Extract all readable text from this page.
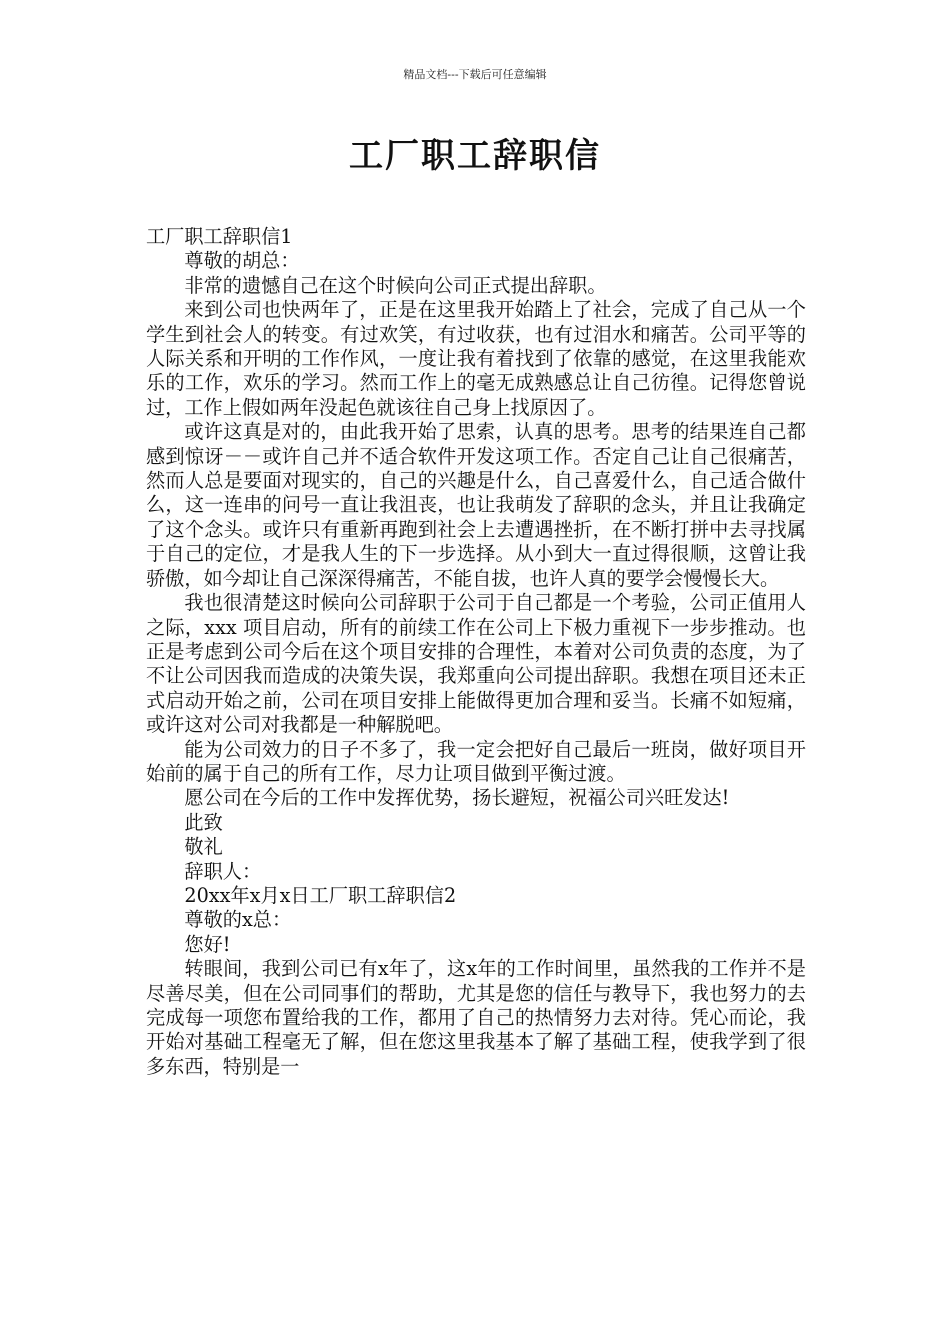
精品文档---下载后可任意编辑
工厂职工辞职信

工厂职工辞职信1

尊敬的胡总：

非常的遗憾自己在这个时候向公司正式提出辞职。

来到公司也快两年了，正是在这里我开始踏上了社会，完成了自己从一个学生到社会人的转变。有过欢笑，有过收获，也有过泪水和痛苦。公司平等的人际关系和开明的工作作风，一度让我有着找到了依靠的感觉，在这里我能欢乐的工作，欢乐的学习。然而工作上的毫无成熟感总让自己彷徨。记得您曾说过，工作上假如两年没起色就该往自己身上找原因了。

或许这真是对的，由此我开始了思索，认真的思考。思考的结果连自己都感到惊讶－－或许自己并不适合软件开发这项工作。否定自己让自己很痛苦，然而人总是要面对现实的，自己的兴趣是什么，自己喜爱什么，自己适合做什么，这一连串的问号一直让我沮丧，也让我萌发了辞职的念头，并且让我确定了这个念头。或许只有重新再跑到社会上去遭遇挫折，在不断打拼中去寻找属于自己的定位，才是我人生的下一步选择。从小到大一直过得很顺，这曾让我骄傲，如今却让自己深深得痛苦，不能自拔，也许人真的要学会慢慢长大。

我也很清楚这时候向公司辞职于公司于自己都是一个考验，公司正值用人之际，xxx 项目启动，所有的前续工作在公司上下极力重视下一步步推动。也正是考虑到公司今后在这个项目安排的合理性，本着对公司负责的态度，为了不让公司因我而造成的决策失误，我郑重向公司提出辞职。我想在项目还未正式启动开始之前，公司在项目安排上能做得更加合理和妥当。长痛不如短痛，或许这对公司对我都是一种解脱吧。

能为公司效力的日子不多了，我一定会把好自己最后一班岗，做好项目开始前的属于自己的所有工作，尽力让项目做到平衡过渡。

愿公司在今后的工作中发挥优势，扬长避短，祝福公司兴旺发达!

此致

敬礼

辞职人：

20xx年x月x日工厂职工辞职信2

尊敬的x总：

您好!

转眼间，我到公司已有x年了，这x年的工作时间里，虽然我的工作并不是尽善尽美，但在公司同事们的帮助，尤其是您的信任与教导下，我也努力的去完成每一项您布置给我的工作，都用了自己的热情努力去对待。凭心而论，我开始对基础工程毫无了解，但在您这里我基本了解了基础工程，使我学到了很多东西，特别是一
